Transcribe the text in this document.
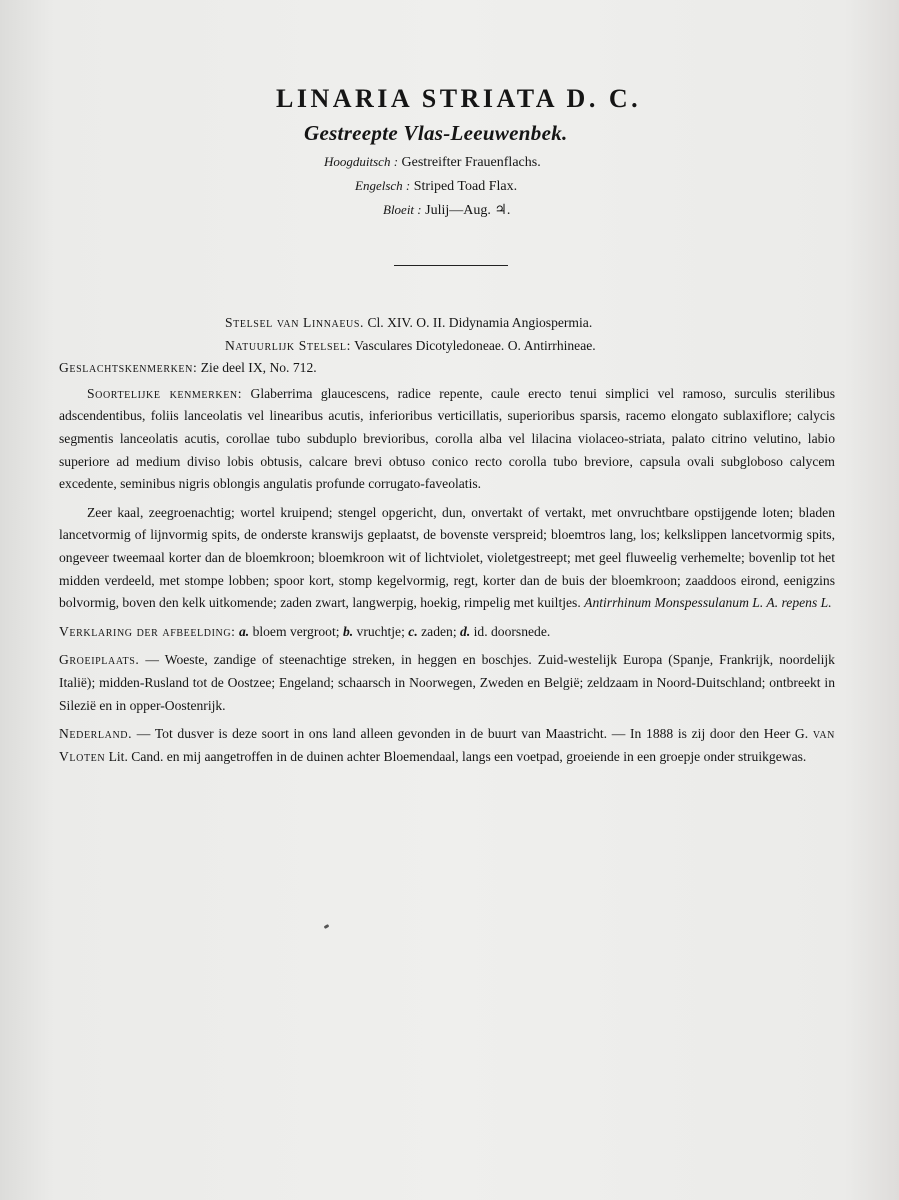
LINARIA STRIATA D. C.
Gestreepte Vlas-Leeuwenbek.
Hoogduitsch : Gestreifter Frauenflachs.
Engelsch : Striped Toad Flax.
Bloeit : Julij—Aug. ♃.

Stelsel van Linnaeus. Cl. XIV. O. II. Didynamia Angiospermia.

Natuurlijk Stelsel: Vasculares Dicotyledoneae. O. Antirrhineae.

Geslachtskenmerken: Zie deel IX, No. 712.

Soortelijke kenmerken: Glaberrima glaucescens, radice repente, caule erecto tenui simplici vel ramoso, surculis sterilibus adscendentibus, foliis lanceolatis vel linearibus acutis, inferioribus verticillatis, superioribus sparsis, racemo elongato sublaxiflore; calycis segmentis lanceolatis acutis, corollae tubo subduplo brevioribus, corolla alba vel lilacina violaceo-striata, palato citrino velutino, labio superiore ad medium diviso lobis obtusis, calcare brevi obtuso conico recto corolla tubo breviore, capsula ovali subgloboso calycem excedente, seminibus nigris oblongis angulatis profunde corrugato-faveolatis.

Zeer kaal, zeegroenachtig; wortel kruipend; stengel opgericht, dun, onvertakt of vertakt, met onvruchtbare opstijgende loten; bladen lancetvormig of lijnvormig spits, de onderste kranswijs geplaatst, de bovenste verspreid; bloemtros lang, los; kelkslippen lancetvormig spits, ongeveer tweemaal korter dan de bloemkroon; bloemkroon wit of lichtviolet, violetgestreept; met geel fluweelig verhemelte; bovenlip tot het midden verdeeld, met stompe lobben; spoor kort, stomp kegelvormig, regt, korter dan de buis der bloemkroon; zaaddoos eirond, eenigzins bolvormig, boven den kelk uitkomende; zaden zwart, langwerpig, hoekig, rimpelig met kuiltjes. Antirrhinum Monspessulanum L. A. repens L.

Verklaring der afbeelding: a. bloem vergroot; b. vruchtje; c. zaden; d. id. doorsnede.

Groeiplaats. — Woeste, zandige of steenachtige streken, in heggen en boschjes. Zuid-westelijk Europa (Spanje, Frankrijk, noordelijk Italië); midden-Rusland tot de Oostzee; Engeland; schaarsch in Noorwegen, Zweden en België; zeldzaam in Noord-Duitschland; ontbreekt in Silezië en in opper-Oostenrijk.

Nederland. — Tot dusver is deze soort in ons land alleen gevonden in de buurt van Maastricht. — In 1888 is zij door den Heer G. van Vloten Lit. Cand. en mij aangetroffen in de duinen achter Bloemendaal, langs een voetpad, groeiende in een groepje onder struikgewas.
